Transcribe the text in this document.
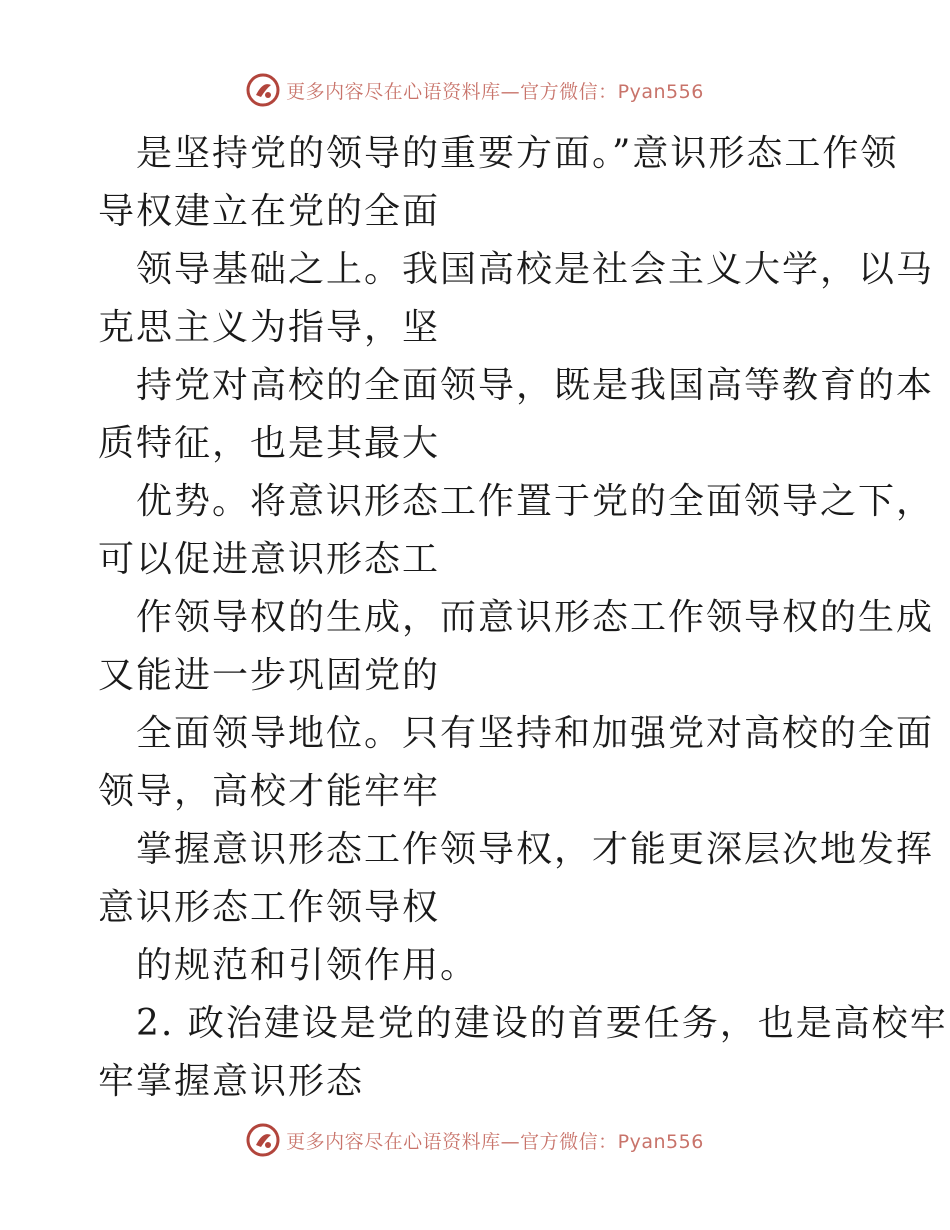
更多内容尽在心语资料库—官方微信：Pyan556
是坚持党的领导的重要方面。”意识形态工作领
导权建立在党的全面
领导基础之上。我国高校是社会主义大学，以马
克思主义为指导，坚
持党对高校的全面领导，既是我国高等教育的本
质特征，也是其最大
优势。将意识形态工作置于党的全面领导之下，
可以促进意识形态工
作领导权的生成，而意识形态工作领导权的生成
又能进一步巩固党的
全面领导地位。只有坚持和加强党对高校的全面
领导，高校才能牢牢
掌握意识形态工作领导权，才能更深层次地发挥
意识形态工作领导权
的规范和引领作用。
2. 政治建设是党的建设的首要任务，也是高校牢
牢掌握意识形态
更多内容尽在心语资料库—官方微信：Pyan556
